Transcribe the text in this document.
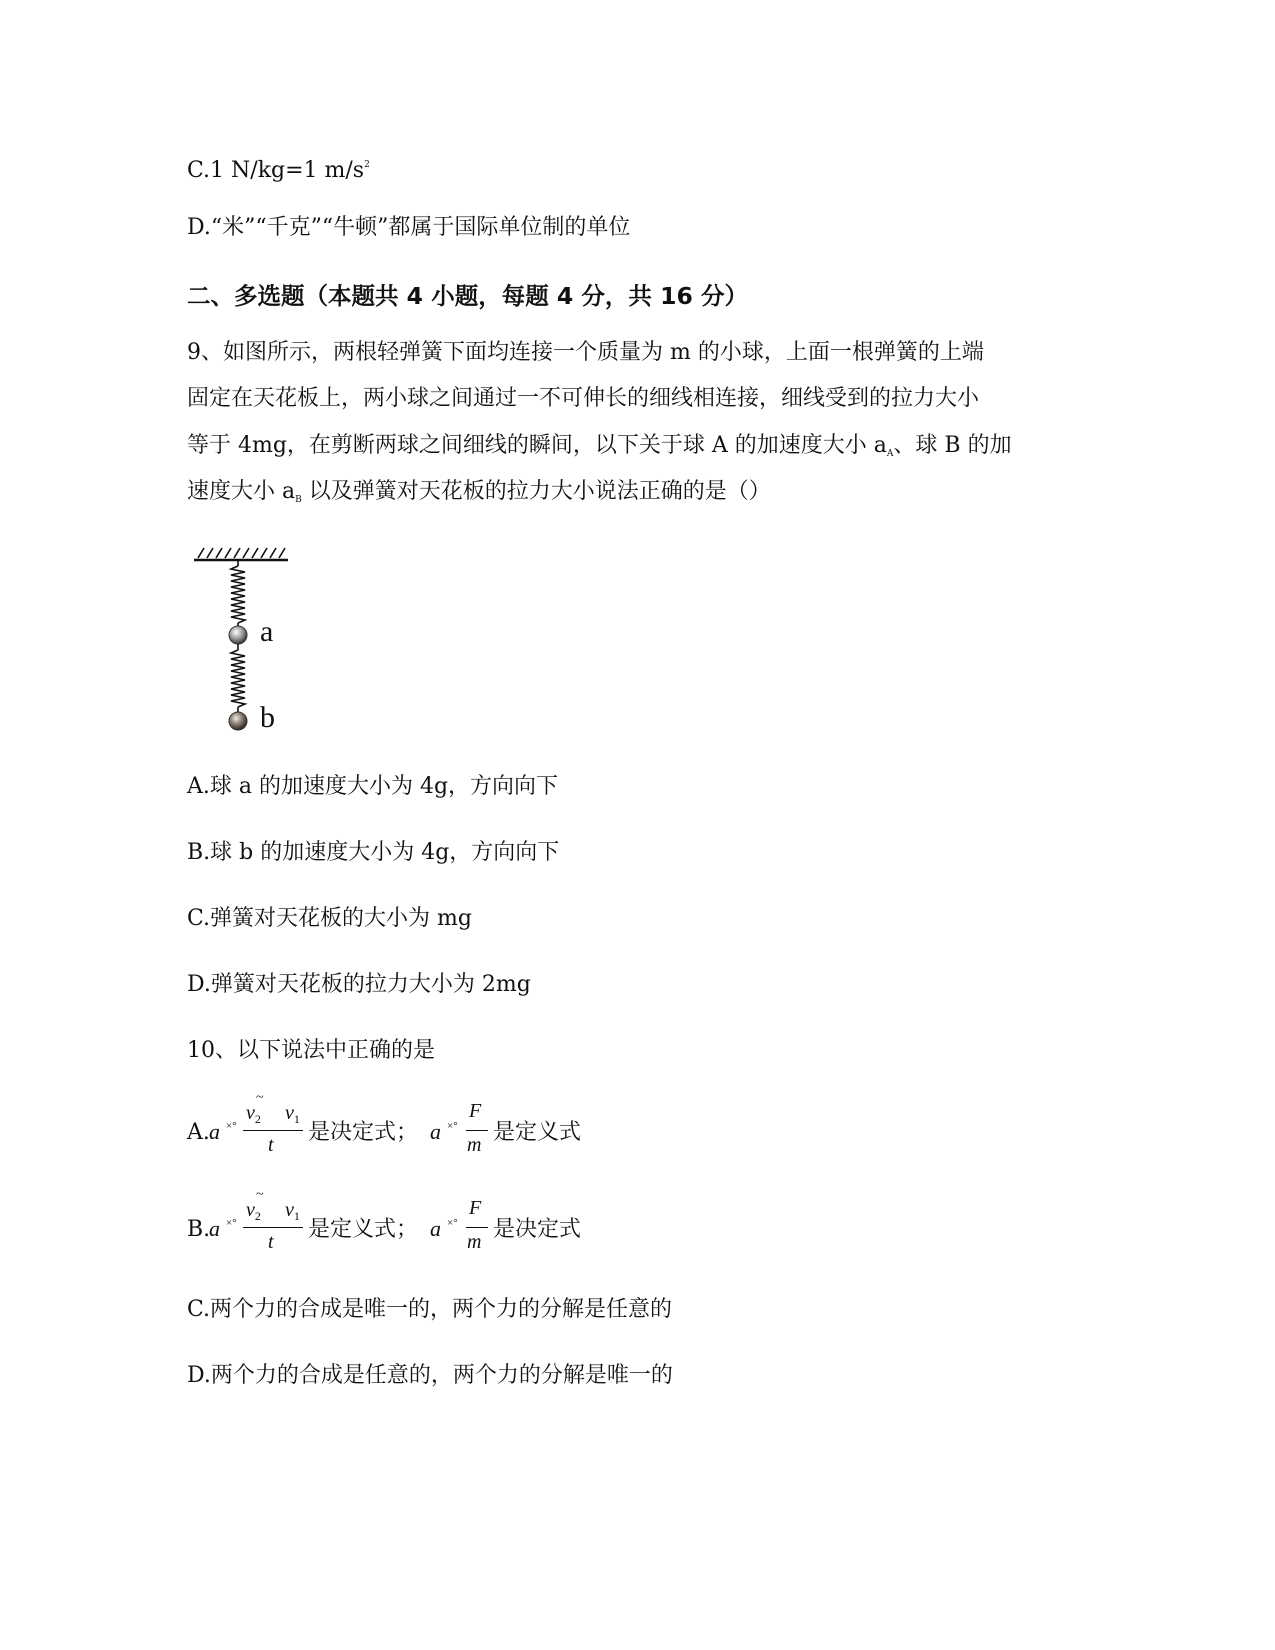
C.1 N/kg=1 $m/s^2$
D.“米”“千克”“牛顿”都属于国际单位制的单位
二、多选题（本题共 4 小题，每题 4 分，共 16 分）
9、如图所示，两根轻弹簧下面均连接一个质量为 m 的小球，上面一根弹簧的上端
固定在天花板上，两小球之间通过一不可伸长的细线相连接，细线受到的拉力大小
等于 4mg，在剪断两球之间细线的瞬间，以下关于球 A 的加速度大小 $a_A$、球 B 的加
速度大小 $a_B$ 以及弹簧对天花板的拉力大小说法正确的是（）
a
b
A.球 a 的加速度大小为 4g，方向向下
B.球 b 的加速度大小为 4g，方向向下
C.弹簧对天花板的大小为 mg
D.弹簧对天花板的拉力大小为 2mg
10、以下说法中正确的是
A. a ×°
~
$v_2$ $v_1$
t 是决定式； a ×°
F
m 是定义式
B.
a ×°
~
$v_2$ $v_1$
t 是定义式； a ×°
F
m 是决定式
C.两个力的合成是唯一的，两个力的分解是任意的
D.两个力的合成是任意的，两个力的分解是唯一的
